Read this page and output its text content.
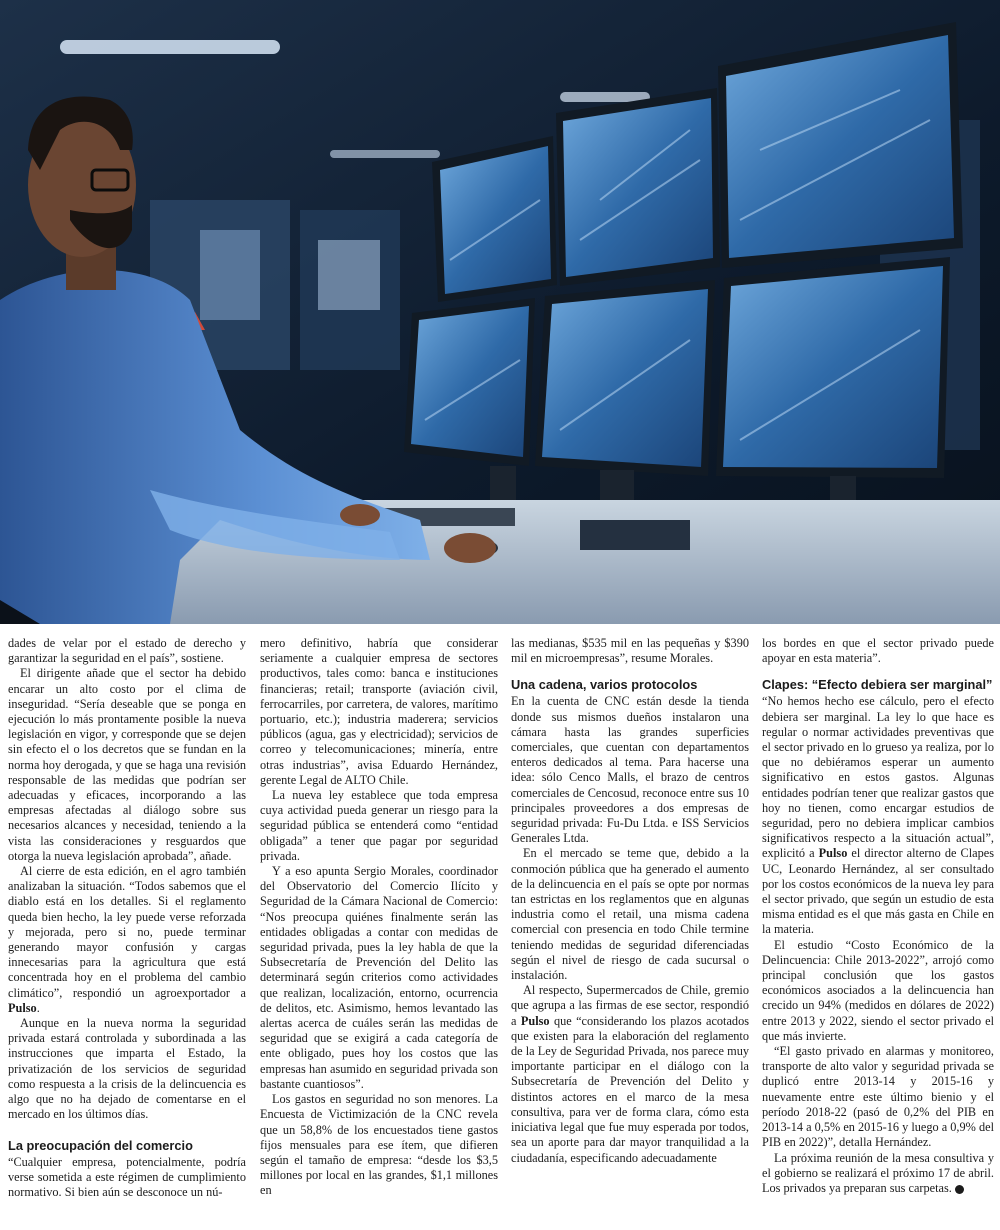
dades de velar por el estado de derecho y garantizar la seguridad en el país”, sostiene.

El dirigente añade que el sector ha debido encarar un alto costo por el clima de inseguridad. “Sería deseable que se ponga en ejecución lo más prontamente posible la nueva legislación en vigor, y corresponde que se dejen sin efecto el o los decretos que se fundan en la norma hoy derogada, y que se haga una revisión responsable de las medidas que podrían ser adecuadas y eficaces, incorporando a las empresas afectadas al diálogo sobre sus necesarios alcances y necesidad, teniendo a la vista las consideraciones y resguardos que otorga la nueva legislación aprobada”, añade.

Al cierre de esta edición, en el agro también analizaban la situación. “Todos sabemos que el diablo está en los detalles. Si el reglamento queda bien hecho, la ley puede verse reforzada y mejorada, pero si no, puede terminar generando mayor confusión y cargas innecesarias para la agricultura que está concentrada hoy en el problema del cambio climático”, respondió un agroexportador a Pulso.

Aunque en la nueva norma la seguridad privada estará controlada y subordinada a las instrucciones que imparta el Estado, la privatización de los servicios de seguridad como respuesta a la crisis de la delincuencia es algo que no ha dejado de comentarse en el mercado en los últimos días.

La preocupación del comercio

“Cualquier empresa, potencialmente, podría verse sometida a este régimen de cumplimiento normativo. Si bien aún se desconoce un nú-

mero definitivo, habría que considerar seriamente a cualquier empresa de sectores productivos, tales como: banca e instituciones financieras; retail; transporte (aviación civil, ferrocarriles, por carretera, de valores, marítimo portuario, etc.); industria maderera; servicios públicos (agua, gas y electricidad); servicios de correo y telecomunicaciones; minería, entre otras industrias”, avisa Eduardo Hernández, gerente Legal de ALTO Chile.

La nueva ley establece que toda empresa cuya actividad pueda generar un riesgo para la seguridad pública se entenderá como “entidad obligada” a tener que pagar por seguridad privada.

Y a eso apunta Sergio Morales, coordinador del Observatorio del Comercio Ilícito y Seguridad de la Cámara Nacional de Comercio: “Nos preocupa quiénes finalmente serán las entidades obligadas a contar con medidas de seguridad privada, pues la ley habla de que la Subsecretaría de Prevención del Delito las determinará según criterios como actividades que realizan, localización, entorno, ocurrencia de delitos, etc. Asimismo, hemos levantado las alertas acerca de cuáles serán las medidas de seguridad que se exigirá a cada categoría de ente obligado, pues hoy los costos que las empresas han asumido en seguridad privada son bastante cuantiosos”.

Los gastos en seguridad no son menores. La Encuesta de Victimización de la CNC revela que un 58,8% de los encuestados tiene gastos fijos mensuales para ese ítem, que difieren según el tamaño de empresa: “desde los $3,5 millones por local en las grandes, $1,1 millones en

las medianas, $535 mil en las pequeñas y $390 mil en microempresas”, resume Morales.

Una cadena, varios protocolos

En la cuenta de CNC están desde la tienda donde sus mismos dueños instalaron una cámara hasta las grandes superficies comerciales, que cuentan con departamentos enteros dedicados al tema. Para hacerse una idea: sólo Cenco Malls, el brazo de centros comerciales de Cencosud, reconoce entre sus 10 principales proveedores a dos empresas de seguridad privada: Fu-Du Ltda. e ISS Servicios Generales Ltda.

En el mercado se teme que, debido a la conmoción pública que ha generado el aumento de la delincuencia en el país se opte por normas tan estrictas en los reglamentos que en algunas industria como el retail, una misma cadena comercial con presencia en todo Chile termine teniendo medidas de seguridad diferenciadas según el nivel de riesgo de cada sucursal o instalación.

Al respecto, Supermercados de Chile, gremio que agrupa a las firmas de ese sector, respondió a Pulso que “considerando los plazos acotados que existen para la elaboración del reglamento de la Ley de Seguridad Privada, nos parece muy importante participar en el diálogo con la Subsecretaría de Prevención del Delito y distintos actores en el marco de la mesa consultiva, para ver de forma clara, cómo esta iniciativa legal que fue muy esperada por todos, sea un aporte para dar mayor tranquilidad a la ciudadanía, especificando adecuadamente

los bordes en que el sector privado puede apoyar en esta materia”.

Clapes: “Efecto debiera ser marginal”

“No hemos hecho ese cálculo, pero el efecto debiera ser marginal. La ley lo que hace es regular o normar actividades preventivas que el sector privado en lo grueso ya realiza, por lo que no debiéramos esperar un aumento significativo en estos gastos. Algunas entidades podrían tener que realizar gastos que hoy no tienen, como encargar estudios de seguridad, pero no debiera implicar cambios significativos respecto a la situación actual”, explicitó a Pulso el director alterno de Clapes UC, Leonardo Hernández, al ser consultado por los costos económicos de la nueva ley para el sector privado, que según un estudio de esta misma entidad es el que más gasta en Chile en la materia.

El estudio “Costo Económico de la Delincuencia: Chile 2013-2022”, arrojó como principal conclusión que los gastos económicos asociados a la delincuencia han crecido un 94% (medidos en dólares de 2022) entre 2013 y 2022, siendo el sector privado el que más invierte.

“El gasto privado en alarmas y monitoreo, transporte de alto valor y seguridad privada se duplicó entre 2013-14 y 2015-16 y nuevamente entre este último bienio y el período 2018-22 (pasó de 0,2% del PIB en 2013-14 a 0,5% en 2015-16 y luego a 0,9% del PIB en 2022)”, detalla Hernández.

La próxima reunión de la mesa consultiva y el gobierno se realizará el próximo 17 de abril. Los privados ya preparan sus carpetas. P
